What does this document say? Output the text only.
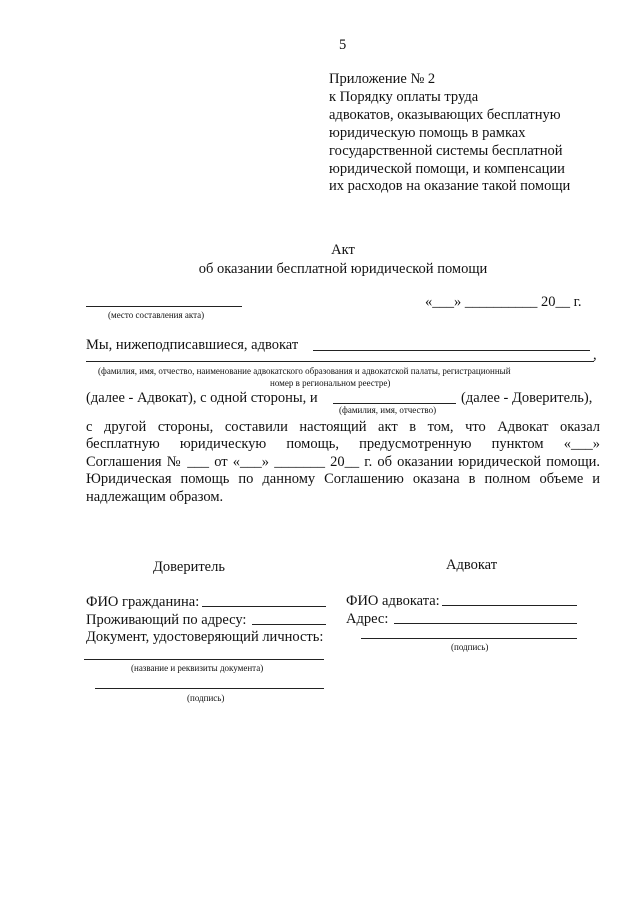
5
Приложение № 2
к Порядку оплаты труда
адвокатов, оказывающих бесплатную
юридическую помощь в рамках
государственной системы бесплатной
юридической помощи, и компенсации
их расходов на оказание такой помощи
Акт
об оказании бесплатной юридической помощи
(место составления акта)
«___» __________ 20__ г.
Мы, нижеподписавшиеся, адвокат
,
(фамилия, имя, отчество, наименование адвокатского образования и адвокатской палаты, регистрационный
номер в региональном реестре)
(далее - Адвокат), с одной стороны, и	(далее - Доверитель),
(фамилия, имя, отчество)
с другой стороны, составили настоящий акт в том, что Адвокат оказал
бесплатную юридическую помощь, предусмотренную пунктом «___»
Соглашения № ___ от «___» _______ 20__ г. об оказании юридической помощи.
Юридическая помощь по данному Соглашению оказана в полном объеме и
надлежащим образом.
Доверитель	Адвокат
ФИО гражданина:
Проживающий по адресу:
Документ, удостоверяющий личность:
(название и реквизиты документа)
(подпись)
ФИО адвоката:
Адрес:
(подпись)
